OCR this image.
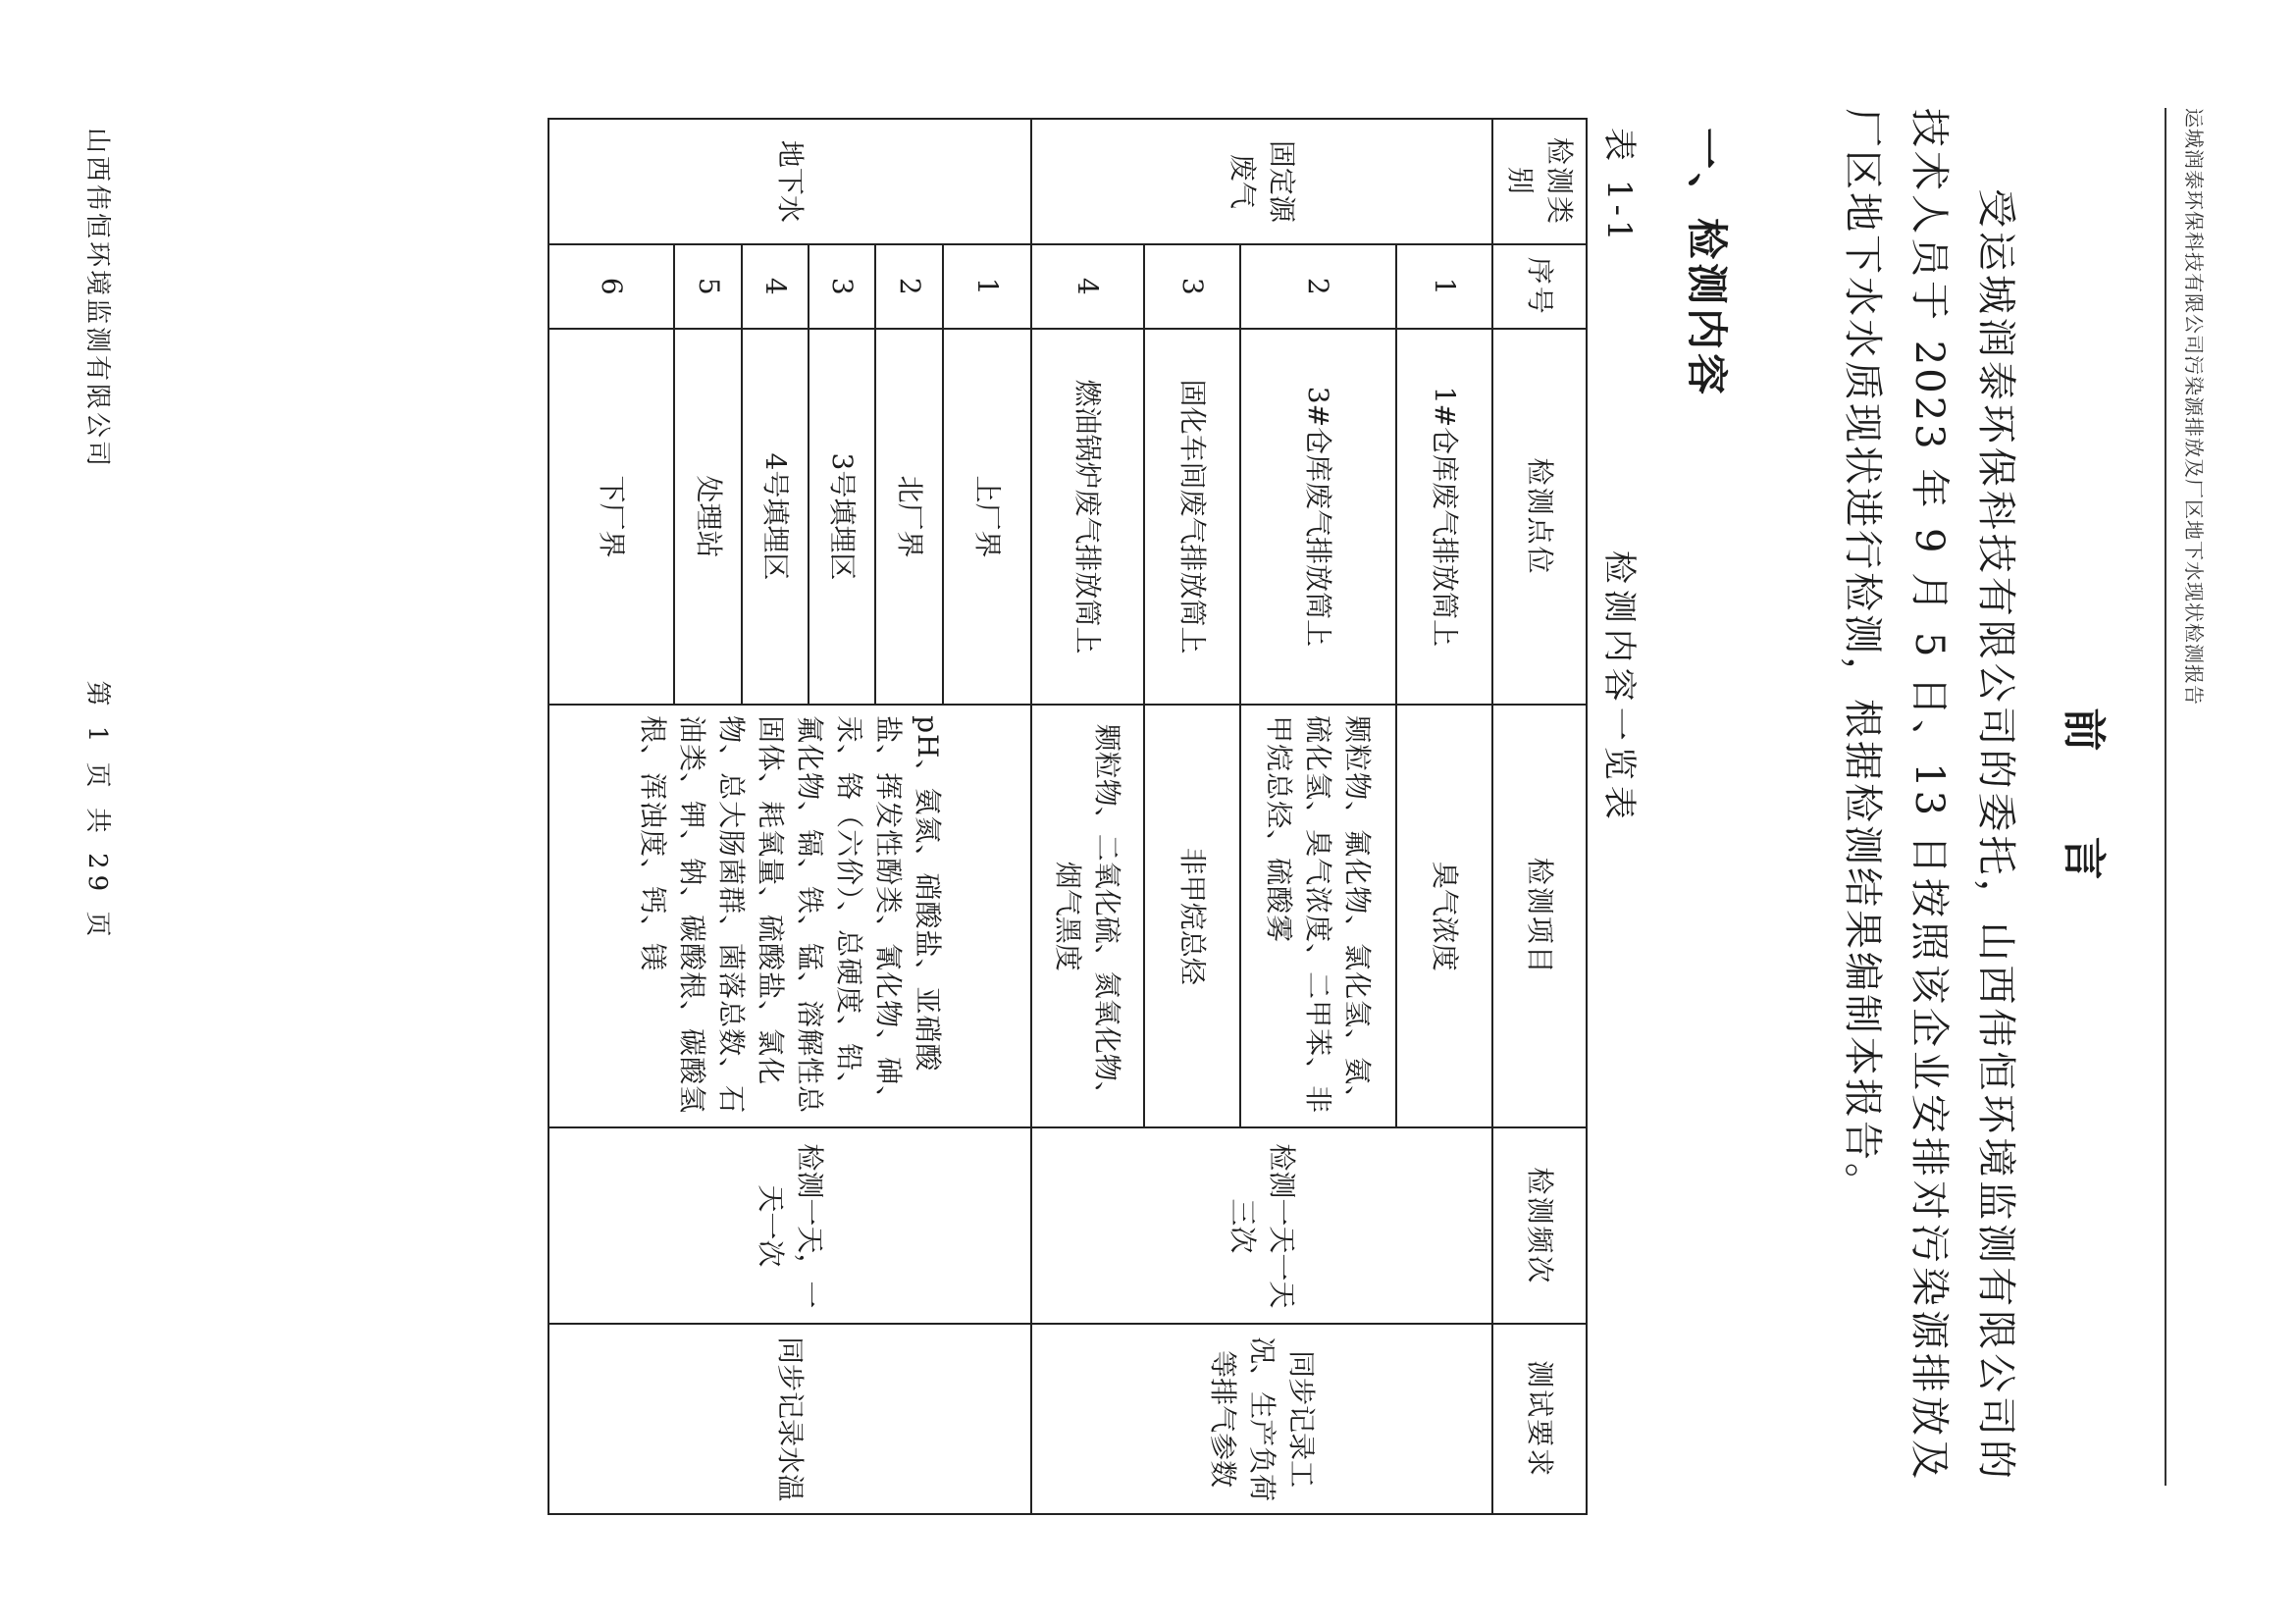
运城润泰环保科技有限公司污染源排放及厂区地下水现状检测报告
前 言
受运城润泰环保科技有限公司的委托，山西伟恒环境监测有限公司的技术人员于 2023 年 9 月 5 日、13 日按照该企业安排对污染源排放及厂区地下水水质现状进行检测，根据检测结果编制本报告。
一、检测内容
表 1-1 检测内容一览表
检测类别	序号	检测点位	检测项目	检测频次	测试要求
固定源废气	1	1#仓库废气排放筒上	臭气浓度	检测一天一天三次	同步记录工况、生产负荷等排气参数
	2	3#仓库废气排放筒上	颗粒物、氟化物、氯化氢、氨、硫化氢、臭气浓度、二甲苯、非甲烷总烃、硫酸雾		
	3	固化车间废气排放筒上	非甲烷总烃		
	4	燃油锅炉废气排放筒上	颗粒物、二氧化硫、氮氧化物、烟气黑度		
地下水	1	上厂界	pH、氨氮、硝酸盐、亚硝酸盐、挥发性酚类、氰化物、砷、汞、铬（六价）、总硬度、铅、氟化物、镉、铁、锰、溶解性总固体、耗氧量、硫酸盐、氯化物、总大肠菌群、菌落总数、石油类、钾、钠、碳酸根、碳酸氢根、浑浊度、钙、镁	检测一天，一天一次	同步记录水温
	2	北厂界			
	3	3号填埋区			
	4	4号填埋区			
	5	处理站			
	6	下厂界			
山西伟恒环境监测有限公司
第 1 页 共 29 页
